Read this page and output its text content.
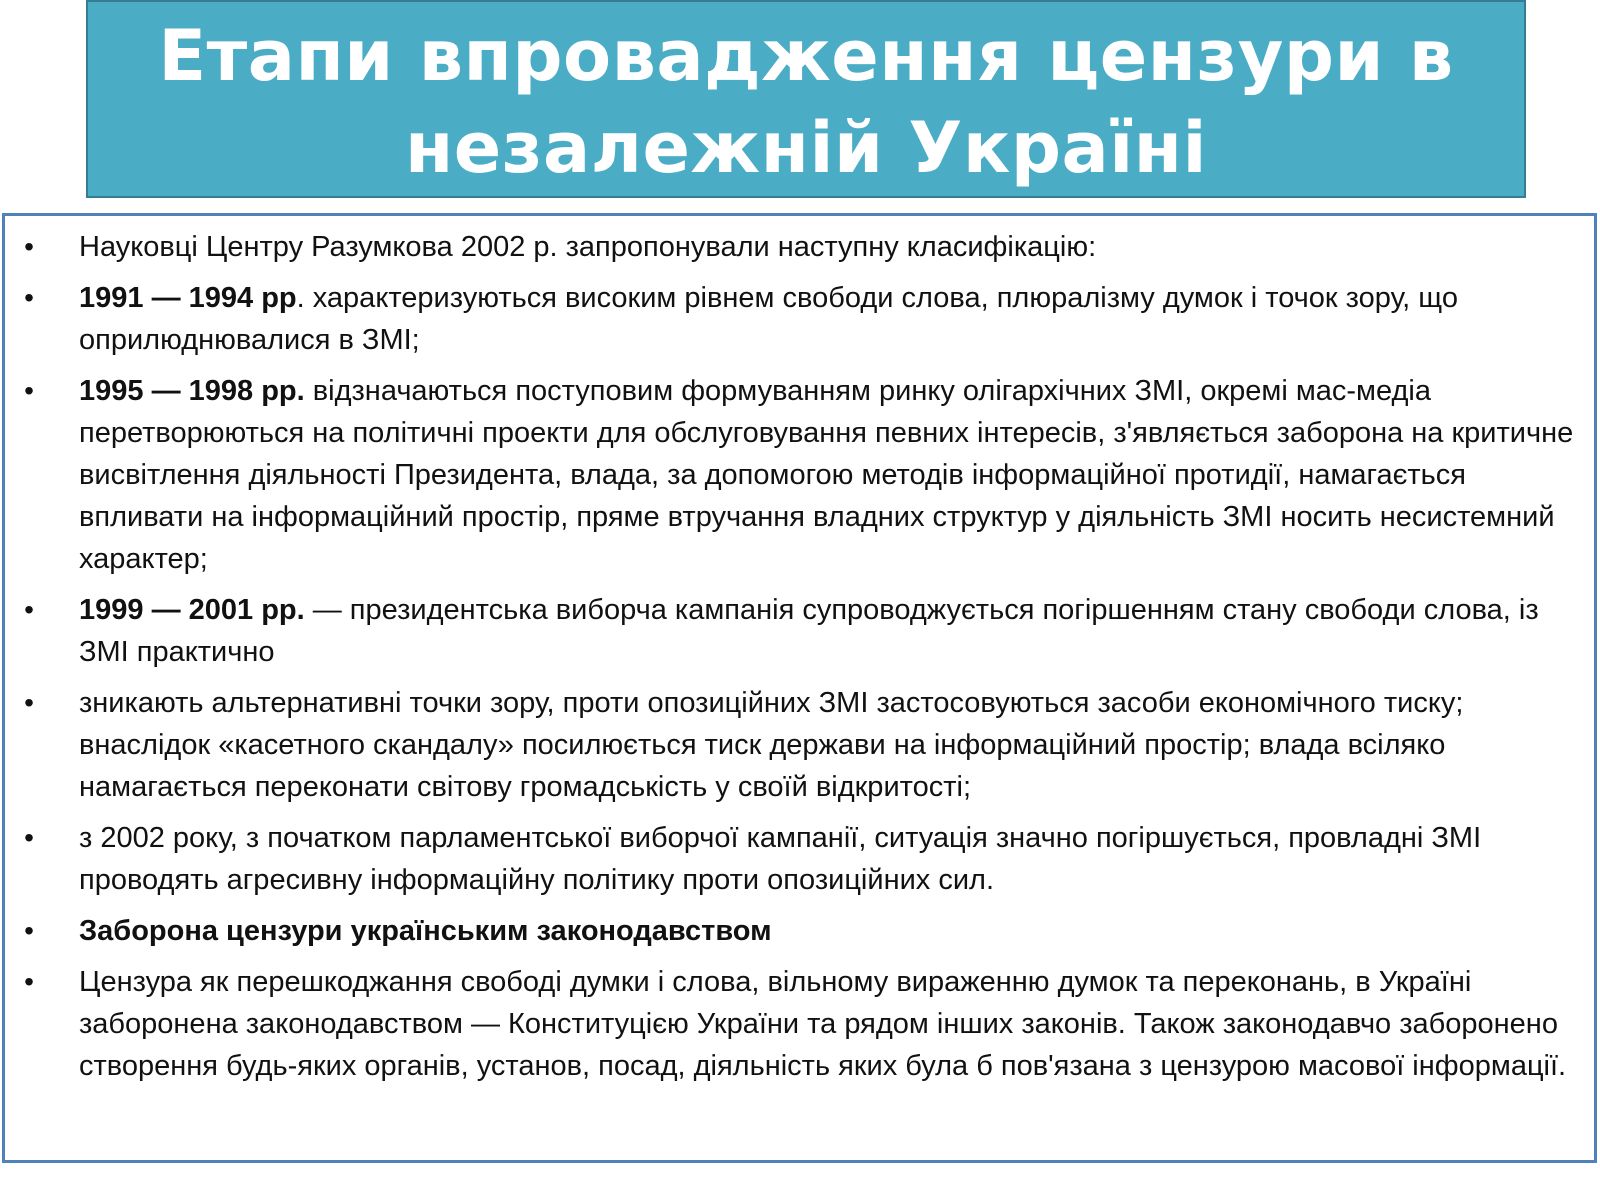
Етапи впровадження цензури в
незалежній Україні
• Науковці Центру Разумкова 2002 р. запропонували наступну класифікацію:
• 1991 — 1994 рр. характеризуються високим рівнем свободи слова, плюралізму думок і точок зору, що оприлюднювалися в ЗМІ;
• 1995 — 1998 рр. відзначаються поступовим формуванням ринку олігархічних ЗМІ, окремі мас-медіа перетворюються на політичні проекти для обслуговування певних інтересів, з'являється заборона на критичне висвітлення діяльності Президента, влада, за допомогою методів інформаційної протидії, намагається впливати на інформаційний простір, пряме втручання владних структур у діяльність ЗМІ носить несистемний характер;
• 1999 — 2001 рр. — президентська виборча кампанія супроводжується погіршенням стану свободи слова, із ЗМІ практично
• зникають альтернативні точки зору, проти опозиційних ЗМІ застосовуються засоби економічного тиску; внаслідок «касетного скандалу» посилюється тиск держави на інформаційний простір; влада всіляко намагається переконати світову громадськість у своїй відкритості;
• з 2002 року, з початком парламентської виборчої кампанії, ситуація значно погіршується, провладні ЗМІ проводять агресивну інформаційну політику проти опозиційних сил.
• Заборона цензури українським законодавством
• Цензура як перешкоджання свободі думки і слова, вільному вираженню думок та переконань, в Україні заборонена законодавством — Конституцією України та рядом інших законів. Також законодавчо заборонено створення будь-яких органів, установ, посад, діяльність яких була б пов'язана з цензурою масової інформації.
